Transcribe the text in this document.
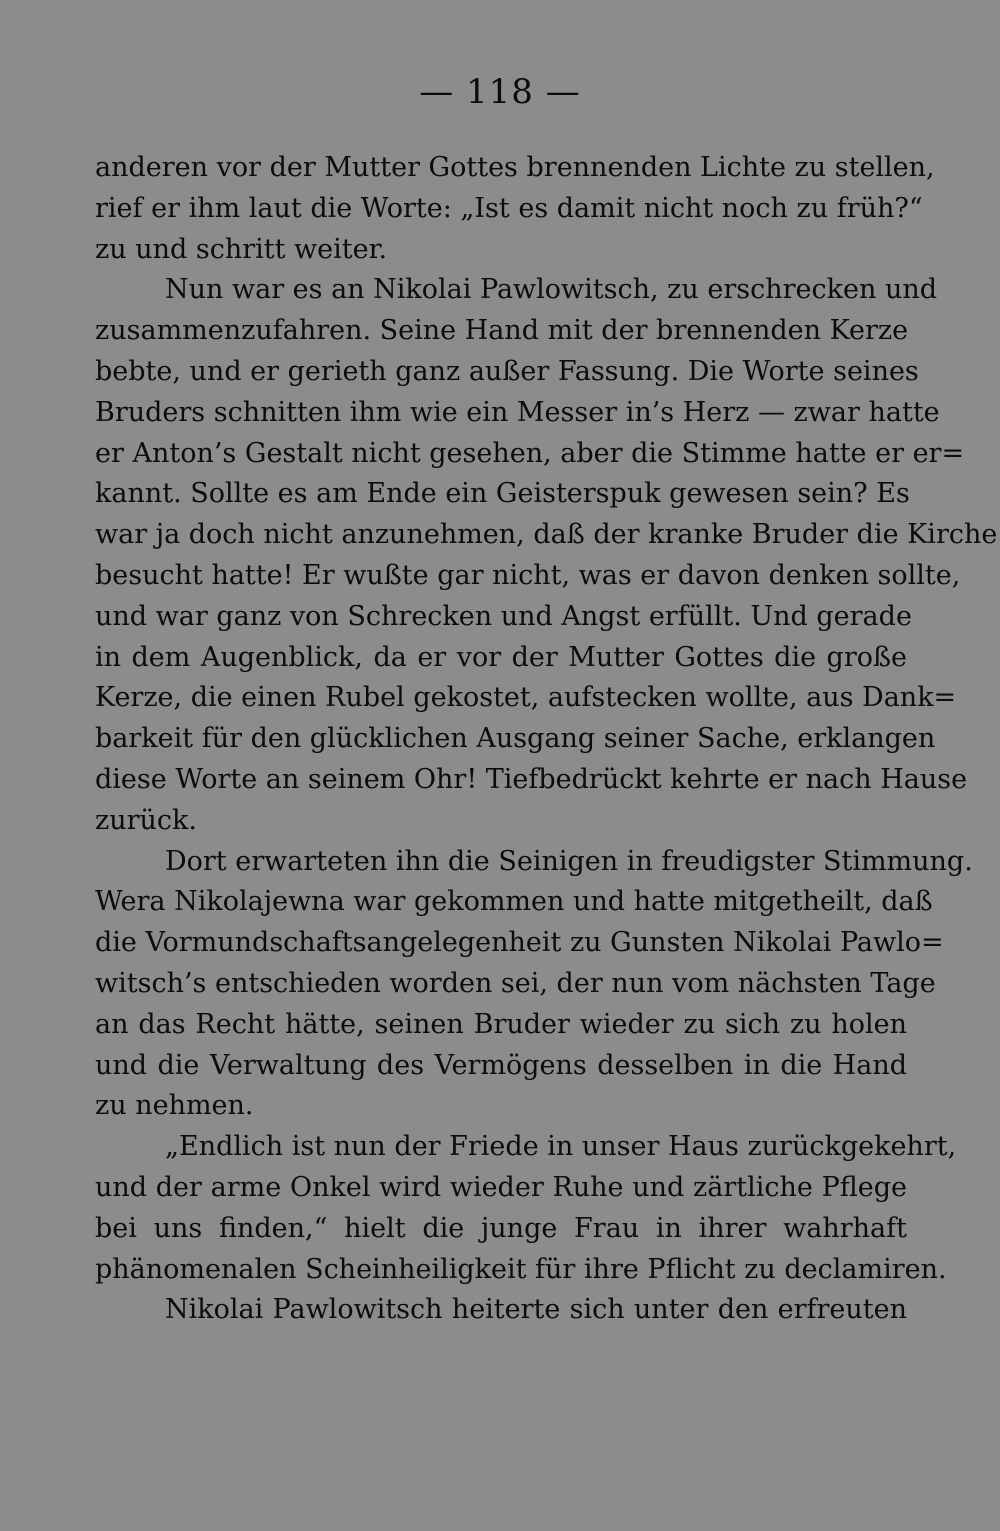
— 118 —
anderen vor der Mutter Gottes brennenden Lichte zu stellen,
rief er ihm laut die Worte: „Ist es damit nicht noch zu früh?“
zu und schritt weiter.
Nun war es an Nikolai Pawlowitsch, zu erschrecken und
zusammenzufahren. Seine Hand mit der brennenden Kerze
bebte, und er gerieth ganz außer Fassung. Die Worte seines
Bruders schnitten ihm wie ein Messer in’s Herz — zwar hatte
er Anton’s Gestalt nicht gesehen, aber die Stimme hatte er er=
kannt. Sollte es am Ende ein Geisterspuk gewesen sein? Es
war ja doch nicht anzunehmen, daß der kranke Bruder die Kirche
besucht hatte! Er wußte gar nicht, was er davon denken sollte,
und war ganz von Schrecken und Angst erfüllt. Und gerade
in dem Augenblick, da er vor der Mutter Gottes die große
Kerze, die einen Rubel gekostet, aufstecken wollte, aus Dank=
barkeit für den glücklichen Ausgang seiner Sache, erklangen
diese Worte an seinem Ohr! Tiefbedrückt kehrte er nach Hause
zurück.
Dort erwarteten ihn die Seinigen in freudigster Stimmung.
Wera Nikolajewna war gekommen und hatte mitgetheilt, daß
die Vormundschaftsangelegenheit zu Gunsten Nikolai Pawlo=
witsch’s entschieden worden sei, der nun vom nächsten Tage
an das Recht hätte, seinen Bruder wieder zu sich zu holen
und die Verwaltung des Vermögens desselben in die Hand
zu nehmen.
„Endlich ist nun der Friede in unser Haus zurückgekehrt,
und der arme Onkel wird wieder Ruhe und zärtliche Pflege
bei uns finden,“ hielt die junge Frau in ihrer wahrhaft
phänomenalen Scheinheiligkeit für ihre Pflicht zu declamiren.
Nikolai Pawlowitsch heiterte sich unter den erfreuten
